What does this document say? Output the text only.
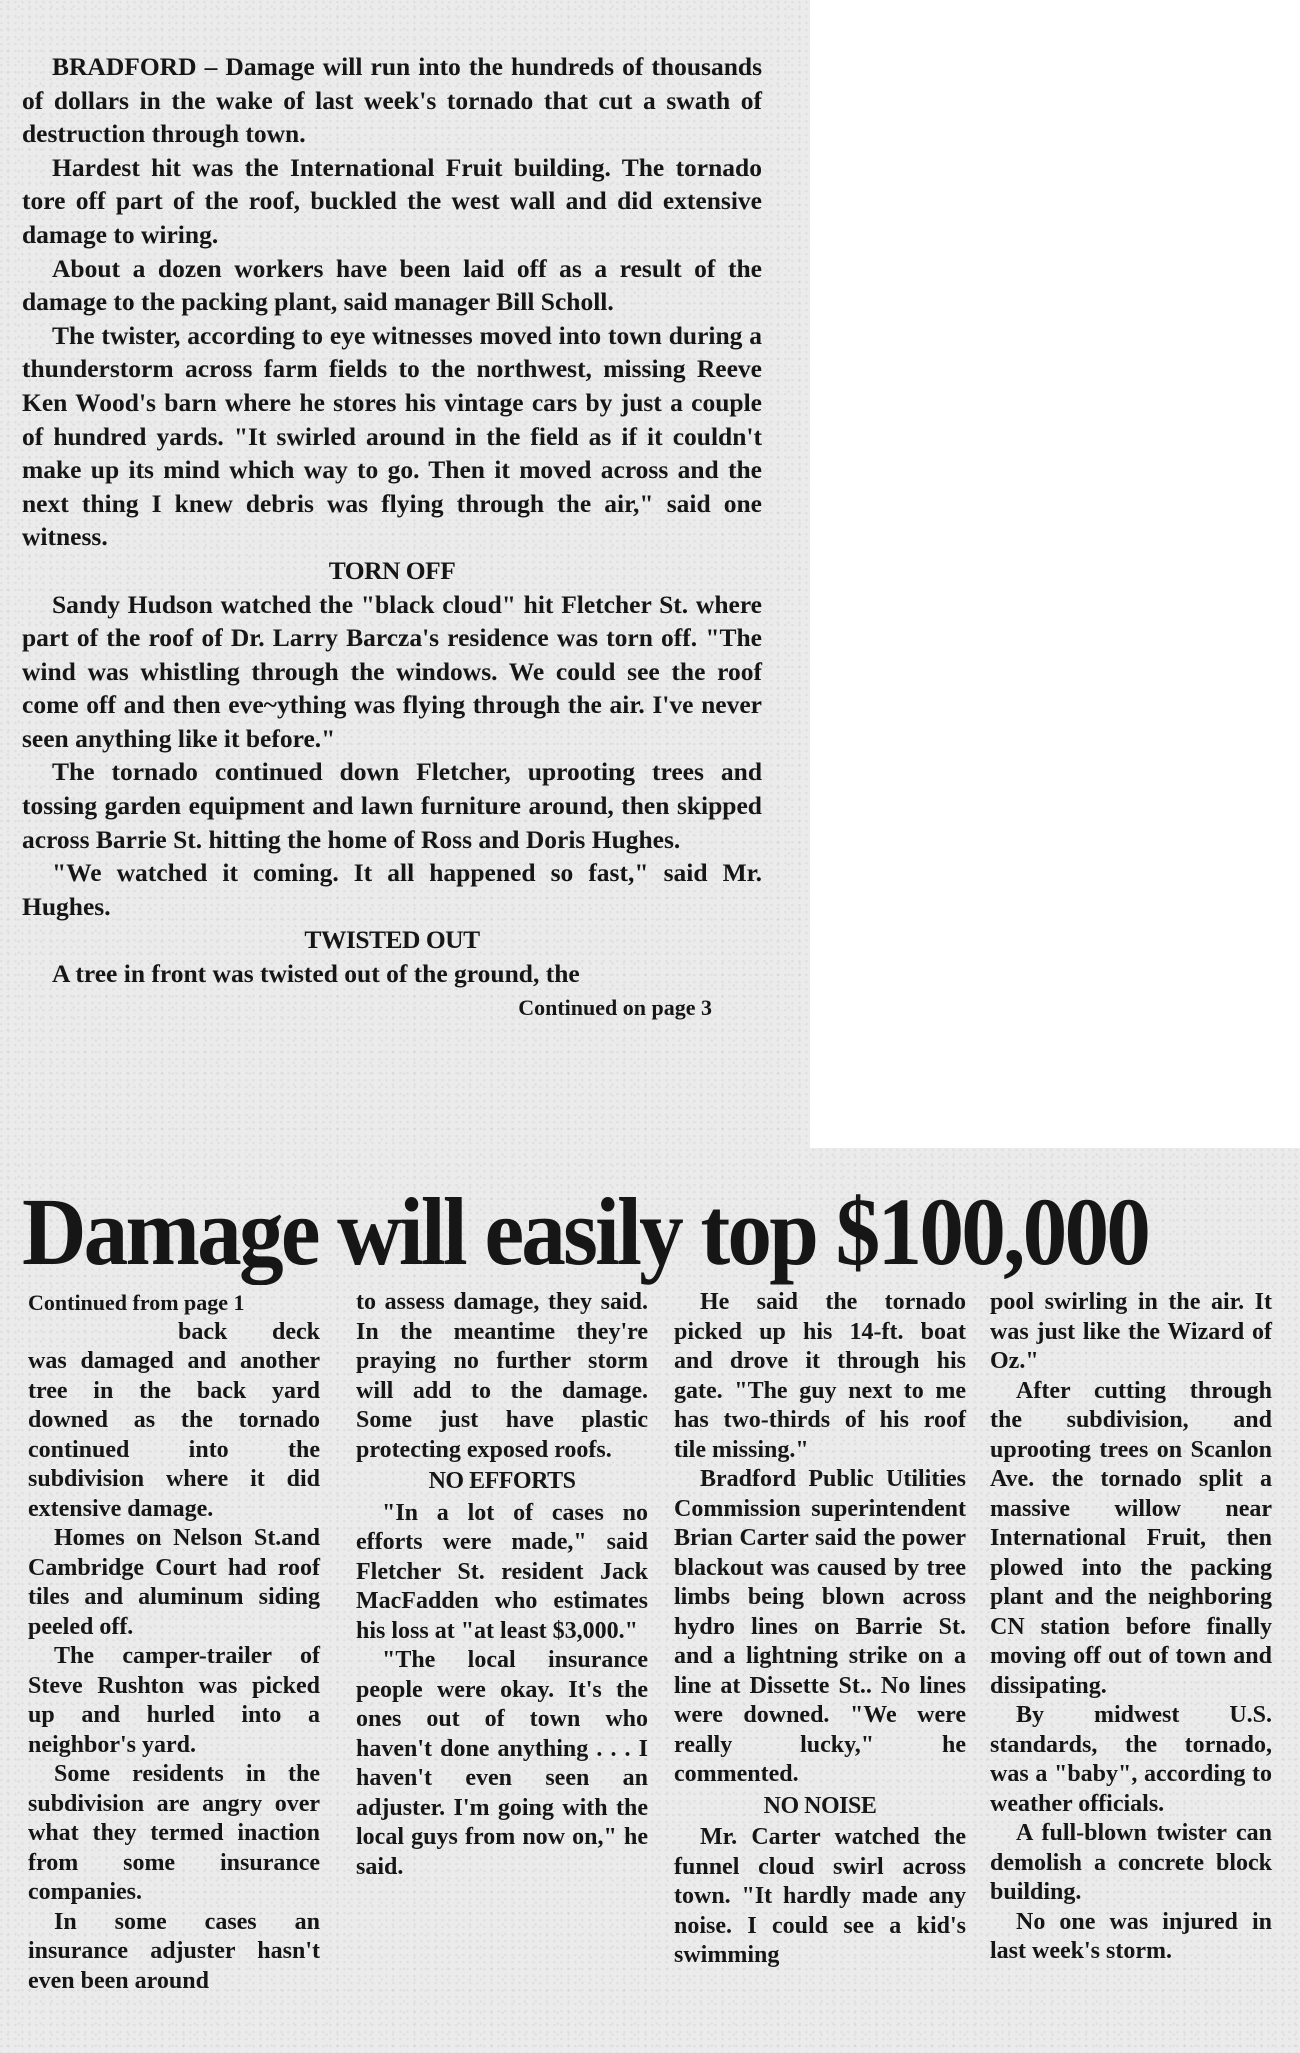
BRADFORD – Damage will run into the hundreds of thousands of dollars in the wake of last week's tornado that cut a swath of destruction through town.

Hardest hit was the International Fruit building. The tornado tore off part of the roof, buckled the west wall and did extensive damage to wiring.

About a dozen workers have been laid off as a result of the damage to the packing plant, said manager Bill Scholl.

The twister, according to eye witnesses moved into town during a thunderstorm across farm fields to the northwest, missing Reeve Ken Wood's barn where he stores his vintage cars by just a couple of hundred yards. "It swirled around in the field as if it couldn't make up its mind which way to go. Then it moved across and the next thing I knew debris was flying through the air," said one witness.

TORN OFF

Sandy Hudson watched the "black cloud" hit Fletcher St. where part of the roof of Dr. Larry Barcza's residence was torn off. "The wind was whistling through the windows. We could see the roof come off and then eve~ything was flying through the air. I've never seen anything like it before."

The tornado continued down Fletcher, uprooting trees and tossing garden equipment and lawn furniture around, then skipped across Barrie St. hitting the home of Ross and Doris Hughes.

"We watched it coming. It all happened so fast," said Mr. Hughes.

TWISTED OUT

A tree in front was twisted out of the ground, the

Continued on page 3

Damage will easily top $100,000

Continued from page 1

back deck was damaged and another tree in the back yard downed as the tornado continued into the subdivision where it did extensive damage.

Homes on Nelson St.and Cambridge Court had roof tiles and aluminum siding peeled off.

The camper-trailer of Steve Rushton was picked up and hurled into a neighbor's yard.

Some residents in the subdivision are angry over what they termed inaction from some insurance companies.

In some cases an insurance adjuster hasn't even been around

to assess damage, they said. In the meantime they're praying no further storm will add to the damage. Some just have plastic protecting exposed roofs.

NO EFFORTS

"In a lot of cases no efforts were made," said Fletcher St. resident Jack MacFadden who estimates his loss at "at least $3,000."

"The local insurance people were okay. It's the ones out of town who haven't done anything . . . I haven't even seen an adjuster. I'm going with the local guys from now on," he said.

He said the tornado picked up his 14-ft. boat and drove it through his gate. "The guy next to me has two-thirds of his roof tile missing."

Bradford Public Utilities Commission superintendent Brian Carter said the power blackout was caused by tree limbs being blown across hydro lines on Barrie St. and a lightning strike on a line at Dissette St.. No lines were downed. "We were really lucky," he commented.

NO NOISE

Mr. Carter watched the funnel cloud swirl across town. "It hardly made any noise. I could see a kid's swimming

pool swirling in the air. It was just like the Wizard of Oz."

After cutting through the subdivision, and uprooting trees on Scanlon Ave. the tornado split a massive willow near International Fruit, then plowed into the packing plant and the neighboring CN station before finally moving off out of town and dissipating.

By midwest U.S. standards, the tornado, was a "baby", according to weather officials.

A full-blown twister can demolish a concrete block building.

No one was injured in last week's storm.
